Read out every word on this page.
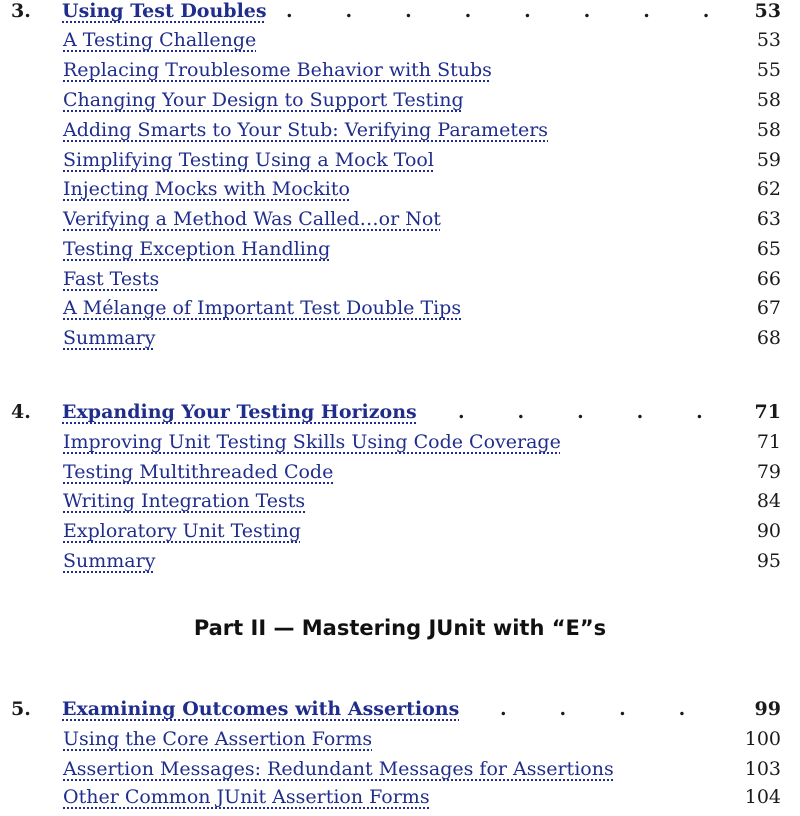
3. Using Test Doubles .        .        .        .        .        .        .        . 53
A Testing Challenge	53
Replacing Troublesome Behavior with Stubs	55
Changing Your Design to Support Testing	58
Adding Smarts to Your Stub: Verifying Parameters	58
Simplifying Testing Using a Mock Tool	59
Injecting Mocks with Mockito	62
Verifying a Method Was Called…or Not	63
Testing Exception Handling	65
Fast Tests	66
A Mélange of Important Test Double Tips	67
Summary	68
4. Expanding Your Testing Horizons .        .        .        .        .	71
Improving Unit Testing Skills Using Code Coverage	71
Testing Multithreaded Code	79
Writing Integration Tests	84
Exploratory Unit Testing	90
Summary	95
Part II — Mastering JUnit with “E”s
5. Examining Outcomes with Assertions .        .        .        .	99
Using the Core Assertion Forms	100
Assertion Messages: Redundant Messages for Assertions	103
Other Common JUnit Assertion Forms	104
